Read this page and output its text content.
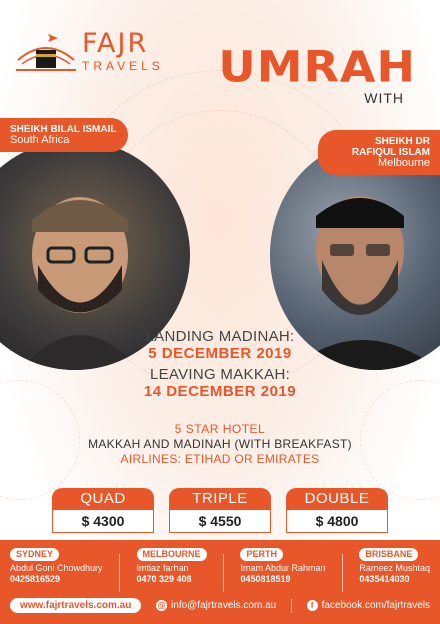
FAJR
TRAVELS UMRAH
WITH
SHEIKH BILAL ISMAIL
South Africa	SHEIKH DR RAFIQUL ISLAM
Melbourne
LANDING MADINAH:
5 DECEMBER 2019
LEAVING MAKKAH:
14 DECEMBER 2019
5 STAR HOTEL
MAKKAH AND MADINAH (WITH BREAKFAST)
AIRLINES: ETIHAD OR EMIRATES
QUAD
$ 4300
TRIPLE
$ 4550
DOUBLE
$ 4800
SYDNEY
Abdul Goni Chowdhury
0425816529
MELBOURNE
Imtiaz farhan
0470 329 408
PERTH
Imam Abdur Rahman
0450818519
BRISBANE
Rameez Mushtaq
0435414030
www.fajrtravels.com.au	@ info@fajrtravels.com.au	f facebook.com/fajrtravels
